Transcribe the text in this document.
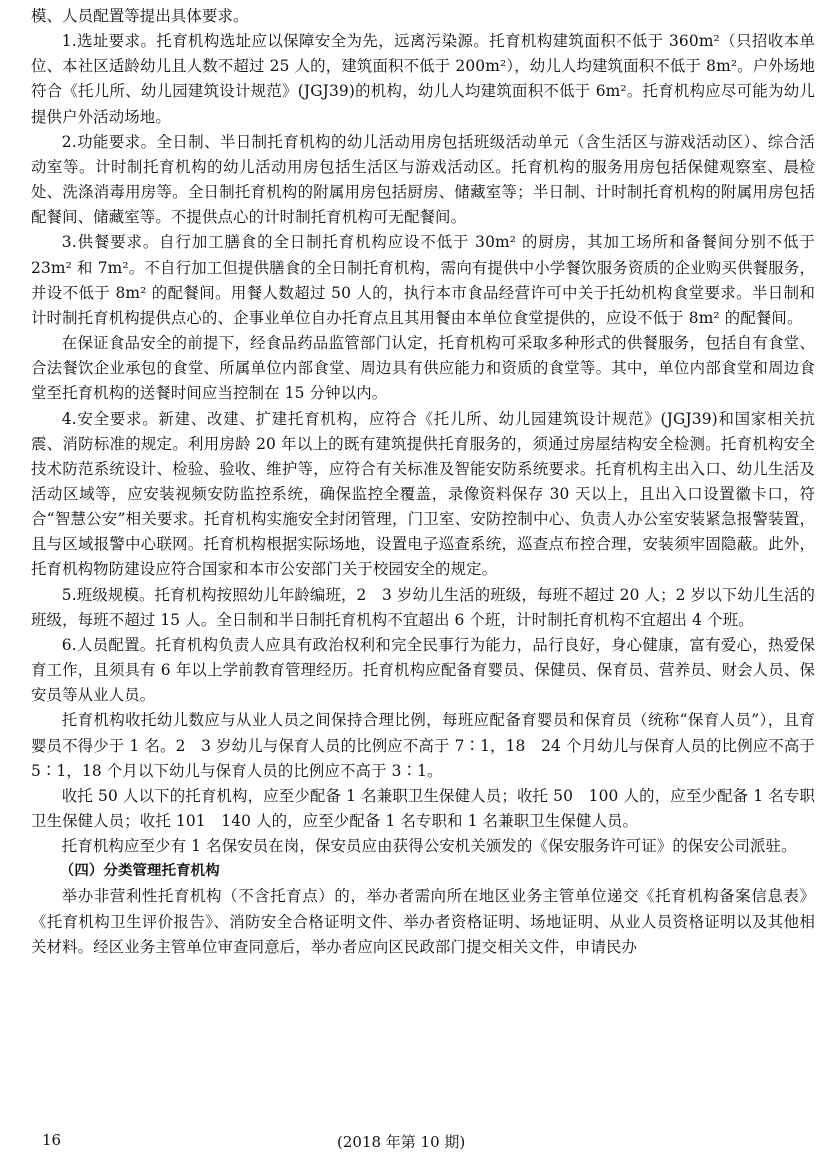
模、人员配置等提出具体要求。

1.选址要求。托育机构选址应以保障安全为先，远离污染源。托育机构建筑面积不低于 360m²（只招收本单位、本社区适龄幼儿且人数不超过 25 人的，建筑面积不低于 200m²），幼儿人均建筑面积不低于 8m²。户外场地符合《托儿所、幼儿园建筑设计规范》(JGJ39)的机构，幼儿人均建筑面积不低于 6m²。托育机构应尽可能为幼儿提供户外活动场地。

2.功能要求。全日制、半日制托育机构的幼儿活动用房包括班级活动单元（含生活区与游戏活动区）、综合活动室等。计时制托育机构的幼儿活动用房包括生活区与游戏活动区。托育机构的服务用房包括保健观察室、晨检处、洗涤消毒用房等。全日制托育机构的附属用房包括厨房、储藏室等；半日制、计时制托育机构的附属用房包括配餐间、储藏室等。不提供点心的计时制托育机构可无配餐间。

3.供餐要求。自行加工膳食的全日制托育机构应设不低于 30m² 的厨房，其加工场所和备餐间分别不低于 23m² 和 7m²。不自行加工但提供膳食的全日制托育机构，需向有提供中小学餐饮服务资质的企业购买供餐服务，并设不低于 8m² 的配餐间。用餐人数超过 50 人的，执行本市食品经营许可中关于托幼机构食堂要求。半日制和计时制托育机构提供点心的、企事业单位自办托育点且其用餐由本单位食堂提供的，应设不低于 8m² 的配餐间。

在保证食品安全的前提下，经食品药品监管部门认定，托育机构可采取多种形式的供餐服务，包括自有食堂、合法餐饮企业承包的食堂、所属单位内部食堂、周边具有供应能力和资质的食堂等。其中，单位内部食堂和周边食堂至托育机构的送餐时间应当控制在 15 分钟以内。

4.安全要求。新建、改建、扩建托育机构，应符合《托儿所、幼儿园建筑设计规范》(JGJ39)和国家相关抗震、消防标准的规定。利用房龄 20 年以上的既有建筑提供托育服务的，须通过房屋结构安全检测。托育机构安全技术防范系统设计、检验、验收、维护等，应符合有关标准及智能安防系统要求。托育机构主出入口、幼儿生活及活动区域等，应安装视频安防监控系统，确保监控全覆盖，录像资料保存 30 天以上，且出入口设置徽卡口，符合“智慧公安”相关要求。托育机构实施安全封闭管理，门卫室、安防控制中心、负责人办公室安装紧急报警装置，且与区域报警中心联网。托育机构根据实际场地，设置电子巡查系统，巡查点布控合理，安装须牢固隐蔽。此外，托育机构物防建设应符合国家和本市公安部门关于校园安全的规定。

5.班级规模。托育机构按照幼儿年龄编班，2　3 岁幼儿生活的班级，每班不超过 20 人；2 岁以下幼儿生活的班级，每班不超过 15 人。全日制和半日制托育机构不宜超出 6 个班，计时制托育机构不宜超出 4 个班。

6.人员配置。托育机构负责人应具有政治权利和完全民事行为能力，品行良好，身心健康，富有爱心，热爱保育工作，且须具有 6 年以上学前教育管理经历。托育机构应配备育婴员、保健员、保育员、营养员、财会人员、保安员等从业人员。

托育机构收托幼儿数应与从业人员之间保持合理比例，每班应配备育婴员和保育员（统称“保育人员”），且育婴员不得少于 1 名。2　3 岁幼儿与保育人员的比例应不高于 7∶1，18　24 个月幼儿与保育人员的比例应不高于 5∶1，18 个月以下幼儿与保育人员的比例应不高于 3∶1。

收托 50 人以下的托育机构，应至少配备 1 名兼职卫生保健人员；收托 50　100 人的，应至少配备 1 名专职卫生保健人员；收托 101　140 人的，应至少配备 1 名专职和 1 名兼职卫生保健人员。

托育机构应至少有 1 名保安员在岗，保安员应由获得公安机关颁发的《保安服务许可证》的保安公司派驻。

（四）分类管理托育机构

举办非营利性托育机构（不含托育点）的，举办者需向所在地区业务主管单位递交《托育机构备案信息表》《托育机构卫生评价报告》、消防安全合格证明文件、举办者资格证明、场地证明、从业人员资格证明以及其他相关材料。经区业务主管单位审查同意后，举办者应向区民政部门提交相关文件，申请民办

16	(2018 年第 10 期)
